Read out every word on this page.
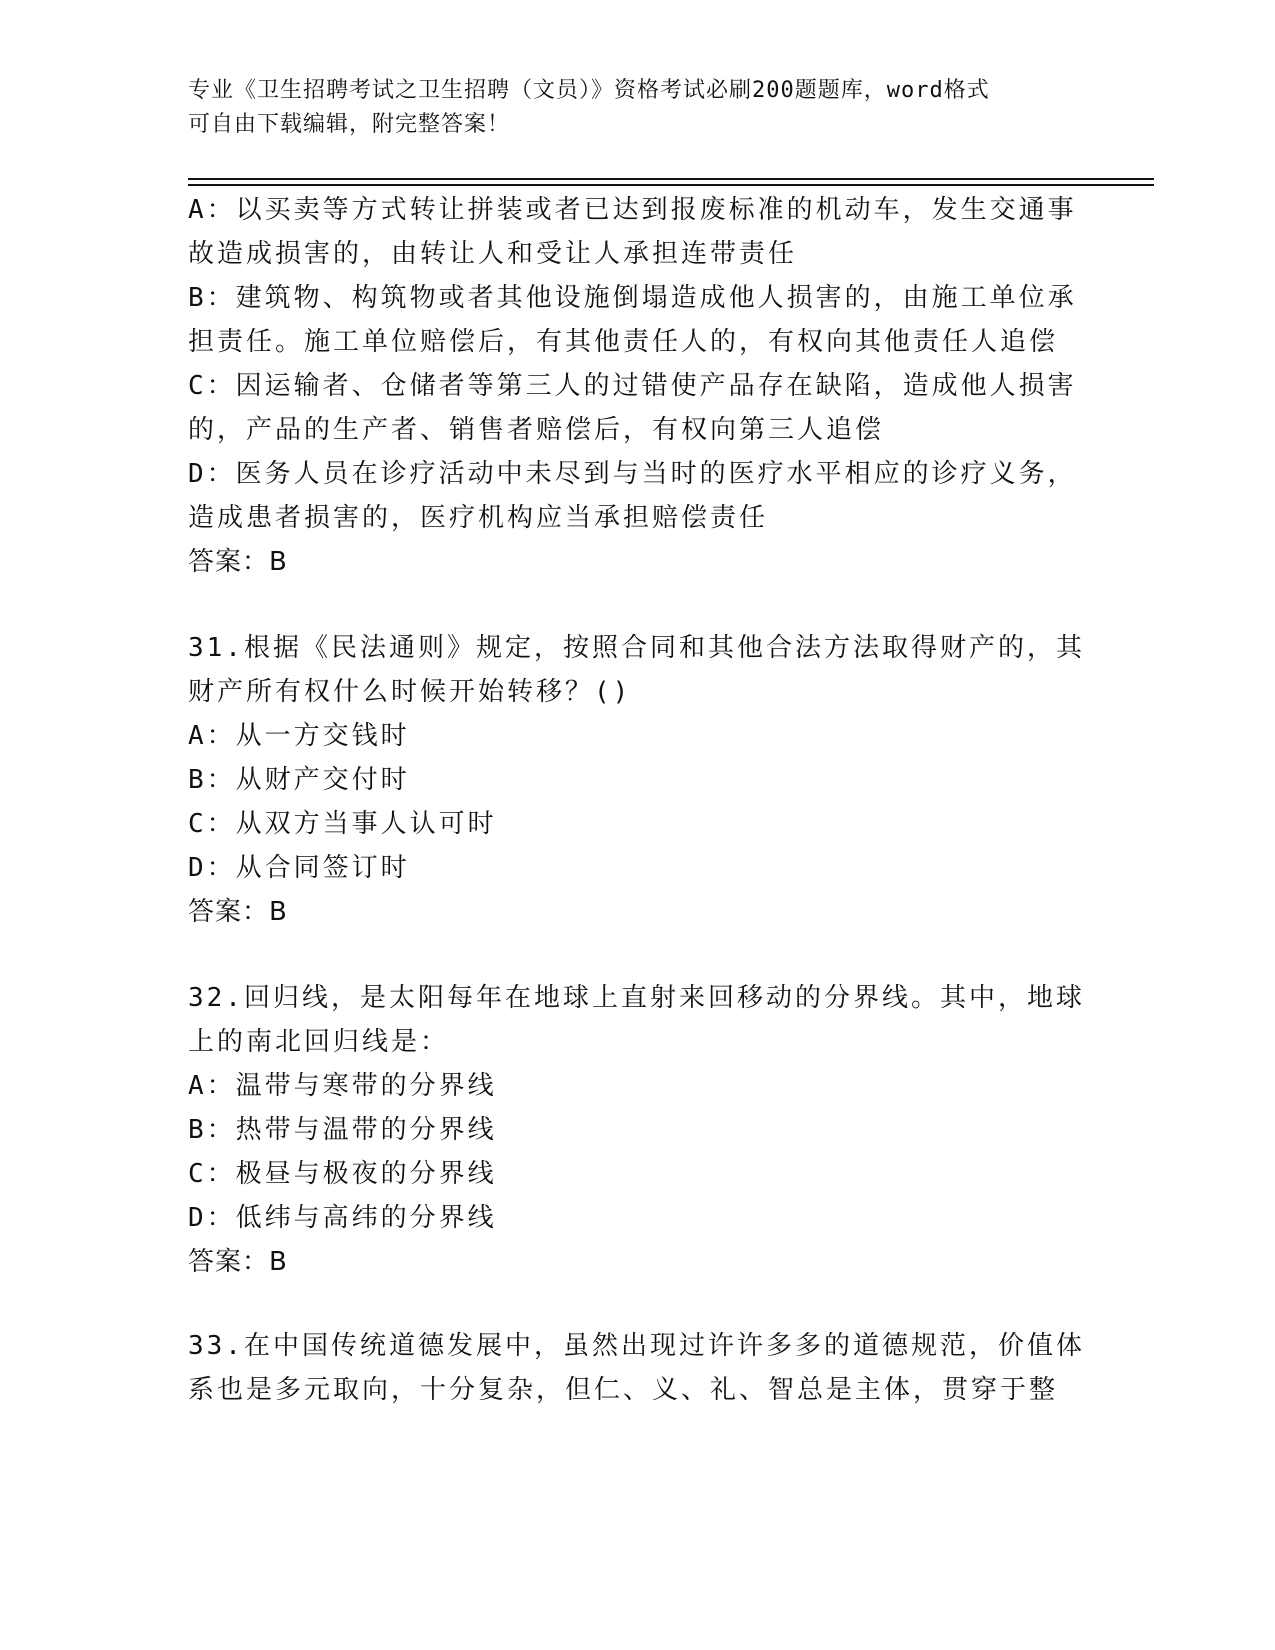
专业《卫生招聘考试之卫生招聘（文员）》资格考试必刷200题题库，word格式
可自由下载编辑，附完整答案！
A：以买卖等方式转让拼装或者已达到报废标准的机动车，发生交通事
故造成损害的，由转让人和受让人承担连带责任
B：建筑物、构筑物或者其他设施倒塌造成他人损害的，由施工单位承
担责任。施工单位赔偿后，有其他责任人的，有权向其他责任人追偿
C：因运输者、仓储者等第三人的过错使产品存在缺陷，造成他人损害
的，产品的生产者、销售者赔偿后，有权向第三人追偿
D：医务人员在诊疗活动中未尽到与当时的医疗水平相应的诊疗义务，
造成患者损害的，医疗机构应当承担赔偿责任
答案：B
31.根据《民法通则》规定，按照合同和其他合法方法取得财产的，其
财产所有权什么时候开始转移？()
A：从一方交钱时
B：从财产交付时
C：从双方当事人认可时
D：从合同签订时
答案：B
32.回归线，是太阳每年在地球上直射来回移动的分界线。其中，地球
上的南北回归线是：
A：温带与寒带的分界线
B：热带与温带的分界线
C：极昼与极夜的分界线
D：低纬与高纬的分界线
答案：B
33.在中国传统道德发展中，虽然出现过许许多多的道德规范，价值体
系也是多元取向，十分复杂，但仁、义、礼、智总是主体，贯穿于整
